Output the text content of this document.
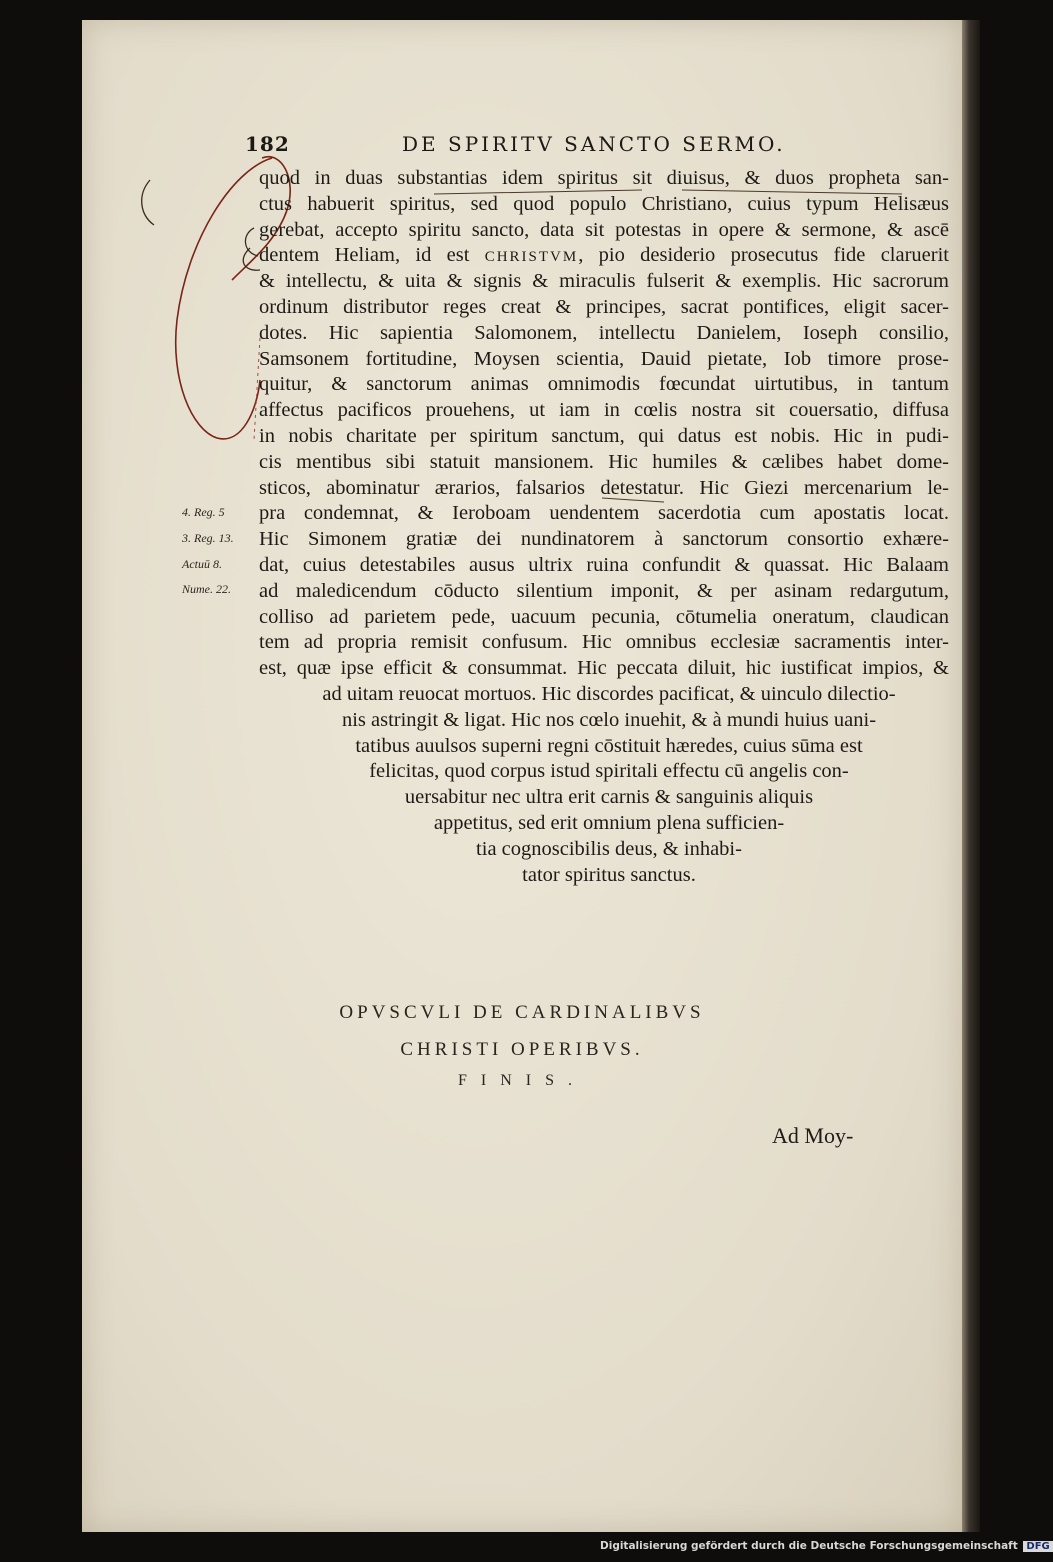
182	DE SPIRITV SANCTO SERMO.
quod in duas substantias idem spiritus sit diuisus, & duos propheta san-
ctus habuerit spiritus, sed quod populo Christiano, cuius typum Helisæus
gerebat, accepto spiritu sancto, data sit potestas in opere & sermone, & ascē
dentem Heliam, id est CHRISTVM, pio desiderio prosecutus fide claruerit
& intellectu, & uita & signis & miraculis fulserit & exemplis. Hic sacrorum
ordinum distributor reges creat & principes, sacrat pontifices, eligit sacer-
dotes. Hic sapientia Salomonem, intellectu Danielem, Ioseph consilio,
Samsonem fortitudine, Moysen scientia, Dauid pietate, Iob timore prose-
quitur, & sanctorum animas omnimodis fœcundat uirtutibus, in tantum
affectus pacificos prouehens, ut iam in cœlis nostra sit couersatio, diffusa
in nobis charitate per spiritum sanctum, qui datus est nobis. Hic in pudi-
cis mentibus sibi statuit mansionem. Hic humiles & cælibes habet dome-
sticos, abominatur ærarios, falsarios detestatur. Hic Giezi mercenarium le-
pra condemnat, & Ieroboam uendentem sacerdotia cum apostatis locat.
Hic Simonem gratiæ dei nundinatorem à sanctorum consortio exhære-
dat, cuius detestabiles ausus ultrix ruina confundit & quassat. Hic Balaam
ad maledicendum cōducto silentium imponit, & per asinam redargutum,
colliso ad parietem pede, uacuum pecunia, cōtumelia oneratum, claudican
tem ad propria remisit confusum. Hic omnibus ecclesiæ sacramentis inter-
est, quæ ipse efficit & consummat. Hic peccata diluit, hic iustificat impios, &
ad uitam reuocat mortuos. Hic discordes pacificat, & uinculo dilectio-
nis astringit & ligat. Hic nos cœlo inuehit, & à mundi huius uani-
tatibus auulsos superni regni cōstituit hæredes, cuius sūma est
felicitas, quod corpus istud spiritali effectu cū angelis con-
uersabitur nec ultra erit carnis & sanguinis aliquis
appetitus, sed erit omnium plena sufficien-
tia cognoscibilis deus, & inhabi-
tator spiritus sanctus.
4. Reg. 5
3. Reg. 13.
Actuū 8.
Nume. 22.
OPVSCVLI DE CARDINALIBVS
CHRISTI OPERIBVS.
FINIS.
Ad Moy-
Digitalisierung gefördert durch die Deutsche Forschungsgemeinschaft DFG
